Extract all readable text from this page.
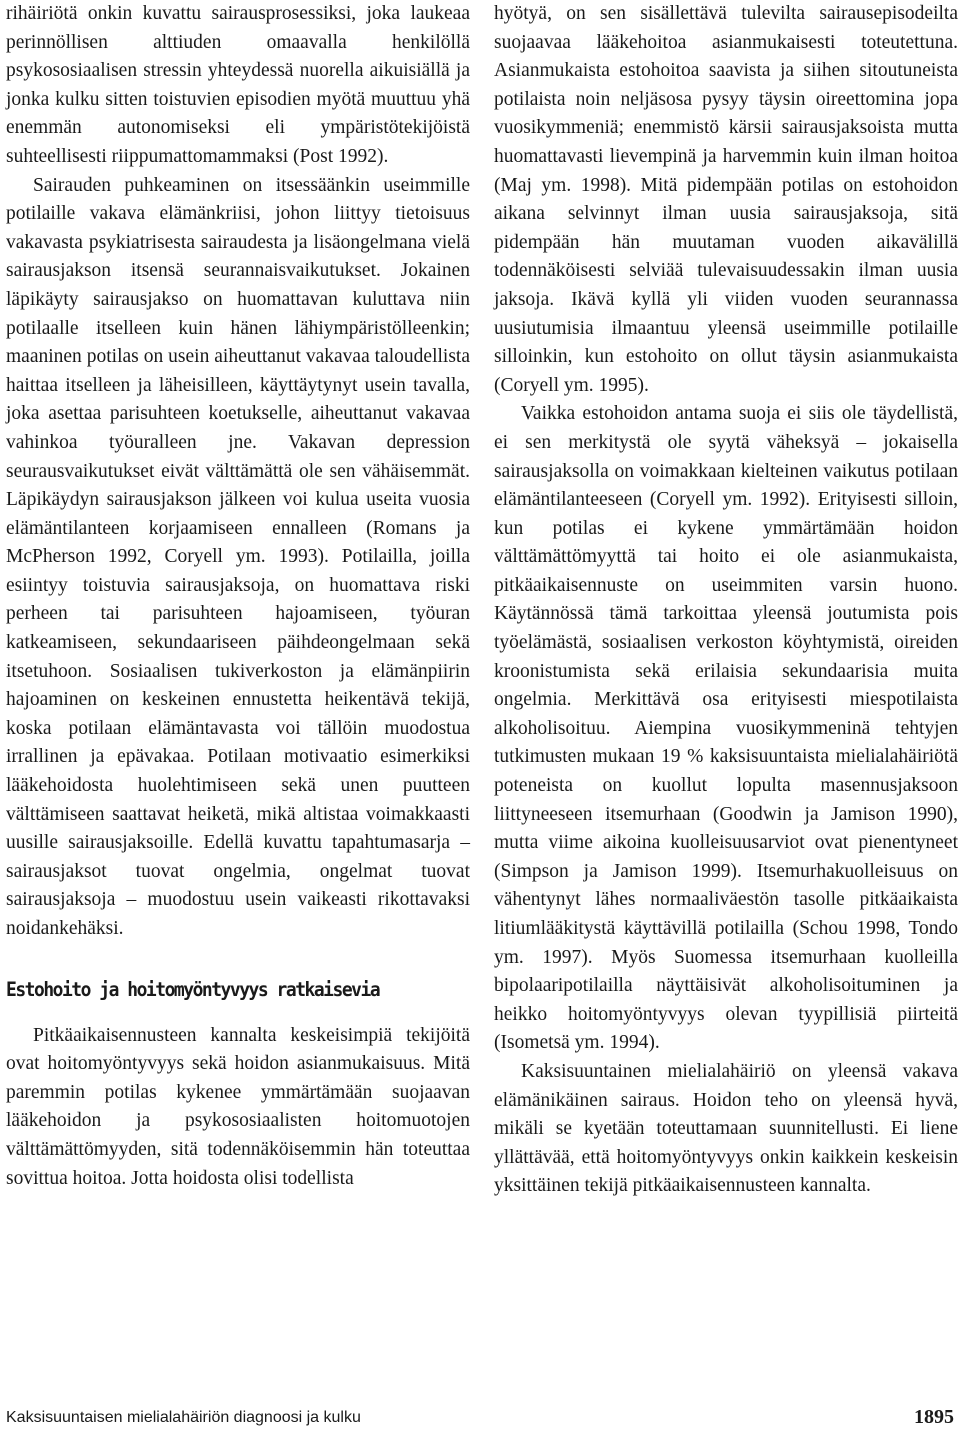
rihäiriötä onkin kuvattu sairausprosessiksi, joka laukeaa perinnöllisen alttiuden omaavalla henkilöllä psykososiaalisen stressin yhteydessä nuorella aikuisiällä ja jonka kulku sitten toistuvien episodien myötä muuttuu yhä enemmän autonomiseksi eli ympäristötekijöistä suhteellisesti riippumattomammaksi (Post 1992).

Sairauden puhkeaminen on itsessäänkin useimmille potilaille vakava elämänkriisi, johon liittyy tietoisuus vakavasta psykiatrisesta sairaudesta ja lisäongelmana vielä sairausjakson itsensä seurannaisvaikutukset. Jokainen läpikäyty sairausjakso on huomattavan kuluttava niin potilaalle itselleen kuin hänen lähiympäristölleenkin; maaninen potilas on usein aiheuttanut vakavaa taloudellista haittaa itselleen ja läheisilleen, käyttäytynyt usein tavalla, joka asettaa parisuhteen koetukselle, aiheuttanut vakavaa vahinkoa työuralleen jne. Vakavan depression seurausvaikutukset eivät välttämättä ole sen vähäisemmät. Läpikäydyn sairausjakson jälkeen voi kulua useita vuosia elämäntilanteen korjaamiseen ennalleen (Romans ja McPherson 1992, Coryell ym. 1993). Potilailla, joilla esiintyy toistuvia sairausjaksoja, on huomattava riski perheen tai parisuhteen hajoamiseen, työuran katkeamiseen, sekundaariseen päihdeongelmaan sekä itsetuhoon. Sosiaalisen tukiverkoston ja elämänpiirin hajoaminen on keskeinen ennustetta heikentävä tekijä, koska potilaan elämäntavasta voi tällöin muodostua irrallinen ja epävakaa. Potilaan motivaatio esimerkiksi lääkehoidosta huolehtimiseen sekä unen puutteen välttämiseen saattavat heiketä, mikä altistaa voimakkaasti uusille sairausjaksoille. Edellä kuvattu tapahtumasarja – sairausjaksot tuovat ongelmia, ongelmat tuovat sairausjaksoja – muodostuu usein vaikeasti rikottavaksi noidankehäksi.

Estohoito ja hoitomyöntyvyys ratkaisevia

Pitkäaikaisennusteen kannalta keskeisimpiä tekijöitä ovat hoitomyöntyvyys sekä hoidon asianmukaisuus. Mitä paremmin potilas kykenee ymmärtämään suojaavan lääkehoidon ja psykososiaalisten hoitomuotojen välttämättömyyden, sitä todennäköisemmin hän toteuttaa sovittua hoitoa. Jotta hoidosta olisi todellista

hyötyä, on sen sisällettävä tulevilta sairausepisodeilta suojaavaa lääkehoitoa asianmukaisesti toteutettuna. Asianmukaista estohoitoa saavista ja siihen sitoutuneista potilaista noin neljäsosa pysyy täysin oireettomina jopa vuosikymmeniä; enemmistö kärsii sairausjaksoista mutta huomattavasti lievempinä ja harvemmin kuin ilman hoitoa (Maj ym. 1998). Mitä pidempään potilas on estohoidon aikana selvinnyt ilman uusia sairausjaksoja, sitä pidempään hän muutaman vuoden aikavälillä todennäköisesti selviää tulevaisuudessakin ilman uusia jaksoja. Ikävä kyllä yli viiden vuoden seurannassa uusiutumisia ilmaantuu yleensä useimmille potilaille silloinkin, kun estohoito on ollut täysin asianmukaista (Coryell ym. 1995).

Vaikka estohoidon antama suoja ei siis ole täydellistä, ei sen merkitystä ole syytä väheksyä – jokaisella sairausjaksolla on voimakkaan kielteinen vaikutus potilaan elämäntilanteeseen (Coryell ym. 1992). Erityisesti silloin, kun potilas ei kykene ymmärtämään hoidon välttämättömyyttä tai hoito ei ole asianmukaista, pitkäaikaisennuste on useimmiten varsin huono. Käytännössä tämä tarkoittaa yleensä joutumista pois työelämästä, sosiaalisen verkoston köyhtymistä, oireiden kroonistumista sekä erilaisia sekundaarisia muita ongelmia. Merkittävä osa erityisesti miespotilaista alkoholisoituu. Aiempina vuosikymmeninä tehtyjen tutkimusten mukaan 19 % kaksisuuntaista mielialahäiriötä poteneista on kuollut lopulta masennusjaksoon liittyneeseen itsemurhaan (Goodwin ja Jamison 1990), mutta viime aikoina kuolleisuusarviot ovat pienentyneet (Simpson ja Jamison 1999). Itsemurhakuolleisuus on vähentynyt lähes normaaliväestön tasolle pitkäaikaista litiumlääkitystä käyttävillä potilailla (Schou 1998, Tondo ym. 1997). Myös Suomessa itsemurhaan kuolleilla bipolaaripotilailla näyttäisivät alkoholisoituminen ja heikko hoitomyöntyvyys olevan tyypillisiä piirteitä (Isometsä ym. 1994).

Kaksisuuntainen mielialahäiriö on yleensä vakava elämänikäinen sairaus. Hoidon teho on yleensä hyvä, mikäli se kyetään toteuttamaan suunnitellusti. Ei liene yllättävää, että hoitomyöntyvyys onkin kaikkein keskeisin yksittäinen tekijä pitkäaikaisennusteen kannalta.

Kaksisuuntaisen mielialahäiriön diagnoosi ja kulku	1895
